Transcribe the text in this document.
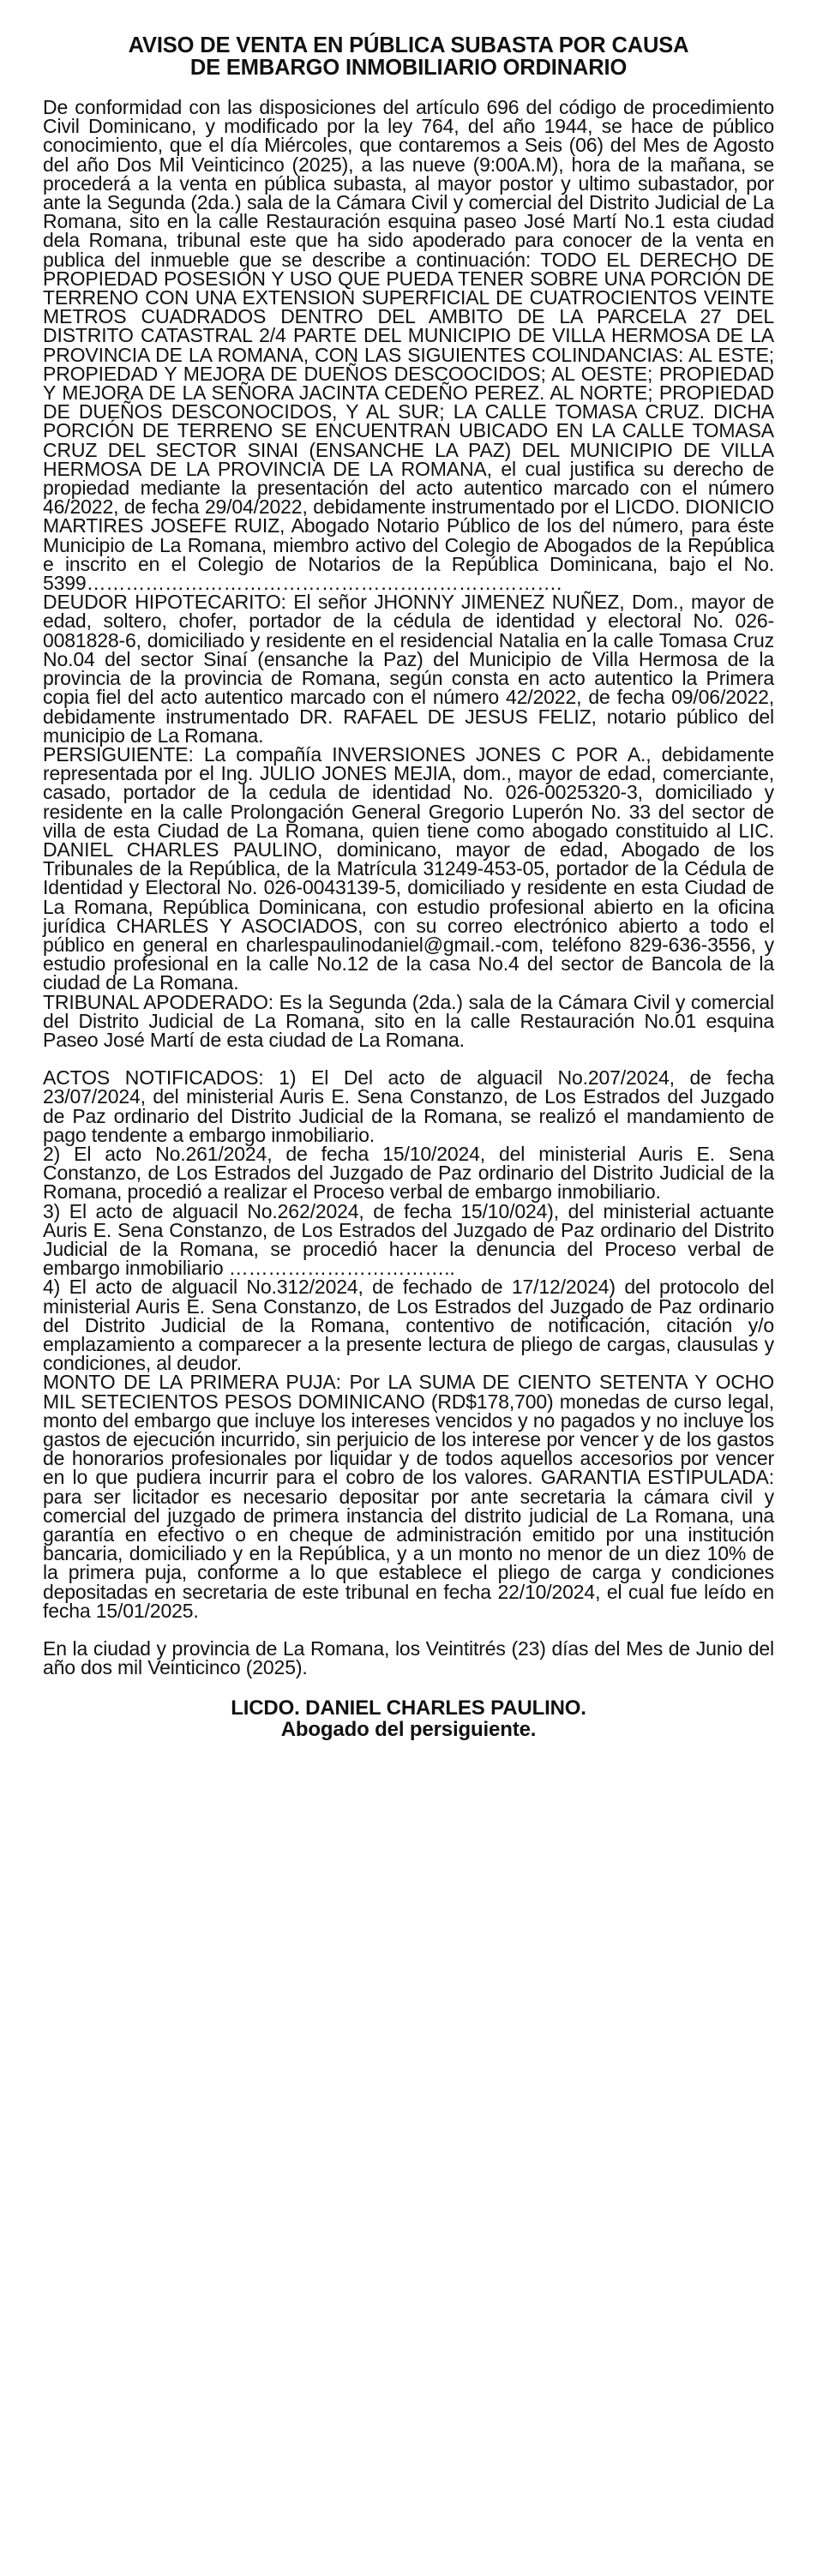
AVISO DE VENTA EN PÚBLICA SUBASTA POR CAUSA
DE EMBARGO INMOBILIARIO ORDINARIO

De conformidad con las disposiciones del artículo 696 del código de procedimiento Civil Dominicano, y modificado por la ley 764, del año 1944, se hace de público conocimiento, que el día Miércoles, que contaremos a Seis (06) del Mes de Agosto del año Dos Mil Veinticinco (2025), a las nueve (9:00A.M), hora de la mañana, se procederá a la venta en pública subasta, al mayor postor y ultimo subastador, por ante la Segunda (2da.) sala de la Cámara Civil y comercial del Distrito Judicial de La Romana, sito en la calle Restauración esquina paseo José Martí No.1 esta ciudad dela Romana, tribunal este que ha sido apoderado para conocer de la venta en publica del inmueble que se describe a continuación: TODO EL DERECHO DE PROPIEDAD POSESIÓN Y USO QUE PUEDA TENER SOBRE UNA PORCIÓN DE TERRENO CON UNA EXTENSION SUPERFICIAL DE CUATROCIENTOS VEINTE METROS CUADRADOS DENTRO DEL AMBITO DE LA PARCELA 27 DEL DISTRITO CATASTRAL 2/4 PARTE DEL MUNICIPIO DE VILLA HERMOSA DE LA PROVINCIA DE LA ROMANA, CON LAS SIGUIENTES COLINDANCIAS: AL ESTE; PROPIEDAD Y MEJORA DE DUEÑOS DESCOOCIDOS; AL OESTE; PROPIEDAD Y MEJORA DE LA SEÑORA JACINTA CEDEÑO PEREZ. AL NORTE; PROPIEDAD DE DUEÑOS DESCONOCIDOS, Y AL SUR; LA CALLE TOMASA CRUZ. DICHA PORCIÓN DE TERRENO SE ENCUENTRAN UBICADO EN LA CALLE TOMASA CRUZ DEL SECTOR SINAI (ENSANCHE LA PAZ) DEL MUNICIPIO DE VILLA HERMOSA DE LA PROVINCIA DE LA ROMANA, el cual justifica su derecho de propiedad mediante la presentación del acto autentico marcado con el número 46/2022, de fecha 29/04/2022, debidamente instrumentado por el LICDO. DIONICIO MARTIRES JOSEFE RUIZ, Abogado Notario Público de los del número, para éste Municipio de La Romana, miembro activo del Colegio de Abogados de la República e inscrito en el Colegio de Notarios de la República Dominicana, bajo el No. 5399……………………………………………………………….

DEUDOR HIPOTECARITO: El señor JHONNY JIMENEZ NUÑEZ, Dom., mayor de edad, soltero, chofer, portador de la cédula de identidad y electoral No. 026-0081828-6, domiciliado y residente en el residencial Natalia en la calle Tomasa Cruz No.04 del sector Sinaí (ensanche la Paz) del Municipio de Villa Hermosa de la provincia de la provincia de Romana, según consta en acto autentico la Primera copia fiel del acto autentico marcado con el número 42/2022, de fecha 09/06/2022, debidamente instrumentado DR. RAFAEL DE JESUS FELIZ, notario público del municipio de La Romana.

PERSIGUIENTE: La compañía INVERSIONES JONES C POR A., debidamente representada por el Ing. JULIO JONES MEJIA, dom., mayor de edad, comerciante, casado, portador de la cedula de identidad No. 026-0025320-3, domiciliado y residente en la calle Prolongación General Gregorio Luperón No. 33 del sector de villa de esta Ciudad de La Romana, quien tiene como abogado constituido al LIC. DANIEL CHARLES PAULINO, dominicano, mayor de edad, Abogado de los Tribunales de la República, de la Matrícula 31249-453-05, portador de la Cédula de Identidad y Electoral No. 026-0043139-5, domiciliado y residente en esta Ciudad de La Romana, República Dominicana, con estudio profesional abierto en la oficina jurídica CHARLES Y ASOCIADOS, con su correo electrónico abierto a todo el público en general en charlespaulinodaniel@gmail.-com, teléfono 829-636-3556, y estudio profesional en la calle No.12 de la casa No.4 del sector de Bancola de la ciudad de La Romana.

TRIBUNAL APODERADO: Es la Segunda (2da.) sala de la Cámara Civil y comercial del Distrito Judicial de La Romana, sito en la calle Restauración No.01 esquina Paseo José Martí de esta ciudad de La Romana.

ACTOS NOTIFICADOS: 1) El Del acto de alguacil No.207/2024, de fecha 23/07/2024, del ministerial Auris E. Sena Constanzo, de Los Estrados del Juzgado de Paz ordinario del Distrito Judicial de la Romana, se realizó el mandamiento de pago tendente a embargo inmobiliario.

2) El acto No.261/2024, de fecha 15/10/2024, del ministerial Auris E. Sena Constanzo, de Los Estrados del Juzgado de Paz ordinario del Distrito Judicial de la Romana, procedió a realizar el Proceso verbal de embargo inmobiliario.

3) El acto de alguacil No.262/2024, de fecha 15/10/024), del ministerial actuante Auris E. Sena Constanzo, de Los Estrados del Juzgado de Paz ordinario del Distrito Judicial de la Romana, se procedió hacer la denuncia del Proceso verbal de embargo inmobiliario ……………………………..

4) El acto de alguacil No.312/2024, de fechado de 17/12/2024) del protocolo del ministerial Auris E. Sena Constanzo, de Los Estrados del Juzgado de Paz ordinario del Distrito Judicial de la Romana, contentivo de notificación, citación y/o emplazamiento a comparecer a la presente lectura de pliego de cargas, clausulas y condiciones, al deudor.

MONTO DE LA PRIMERA PUJA: Por LA SUMA DE CIENTO SETENTA Y OCHO MIL SETECIENTOS PESOS DOMINICANO (RD$178,700) monedas de curso legal, monto del embargo que incluye los intereses vencidos y no pagados y no incluye los gastos de ejecución incurrido, sin perjuicio de los interese por vencer y de los gastos de honorarios profesionales por liquidar y de todos aquellos accesorios por vencer en lo que pudiera incurrir para el cobro de los valores. GARANTIA ESTIPULADA: para ser licitador es necesario depositar por ante secretaria la cámara civil y comercial del juzgado de primera instancia del distrito judicial de La Romana, una garantía en efectivo o en cheque de administración emitido por una institución bancaria, domiciliado y en la República, y a un monto no menor de un diez 10% de la primera puja, conforme a lo que establece el pliego de carga y condiciones depositadas en secretaria de este tribunal en fecha 22/10/2024, el cual fue leído en fecha 15/01/2025.

En la ciudad y provincia de La Romana, los Veintitrés (23) días del Mes de Junio del año dos mil Veinticinco (2025).

LICDO. DANIEL CHARLES PAULINO.
Abogado del persiguiente.
